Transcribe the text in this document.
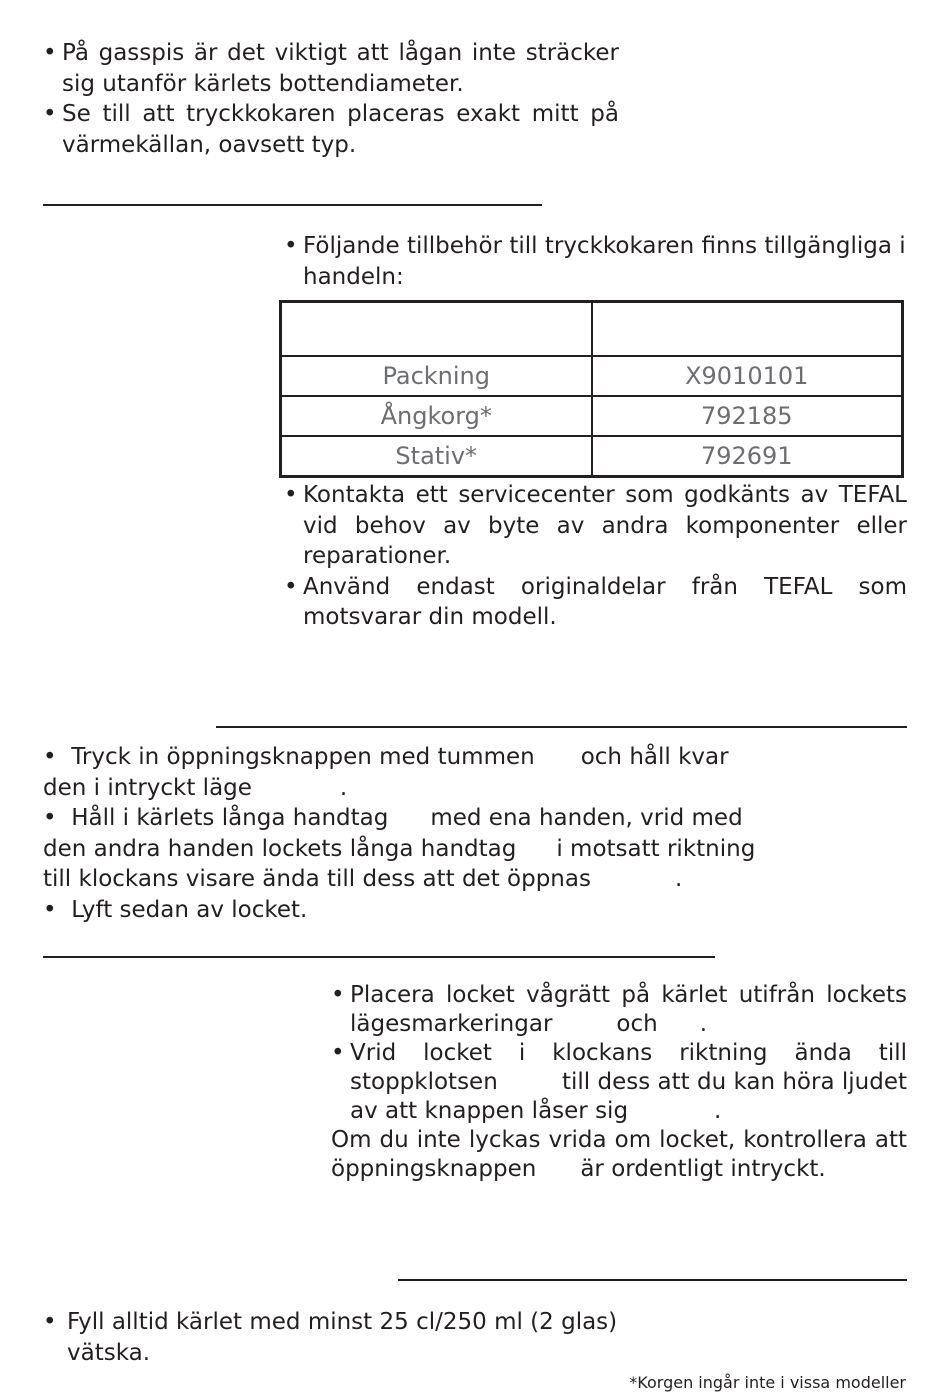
• På gasspis är det viktigt att lågan inte sträcker sig utanför kärlets bottendiameter.
• Se till att tryckkokaren placeras exakt mitt på värmekällan, oavsett typ.
• Följande tillbehör till tryckkokaren finns tillgängliga i handeln:

Packning	X9010101
Ångkorg*	792185
Stativ*	792691
• Kontakta ett servicecenter som godkänts av TEFAL vid behov av byte av andra komponenter eller reparationer.
• Använd endast originaldelar från TEFAL som motsvarar din modell.
• Tryck in öppningsknappen med tummen och håll kvar
den i intryckt läge	.
• Håll i kärlets långa handtag med ena handen, vrid med
den andra handen lockets långa handtag i motsatt riktning
till klockans visare ända till dess att det öppnas	.
• Lyft sedan av locket.
• Placera locket vågrätt på kärlet utifrån lockets
lägesmarkeringar	och .
• Vrid locket i klockans riktning ända till
stoppklotsen	till dess att du kan höra ljudet
av att knappen låser sig	.
Om du inte lyckas vrida om locket, kontrollera att
öppningsknappen är ordentligt intryckt.
• Fyll alltid kärlet med minst 25 cl/250 ml (2 glas) vätska.
*Korgen ingår inte i vissa modeller
